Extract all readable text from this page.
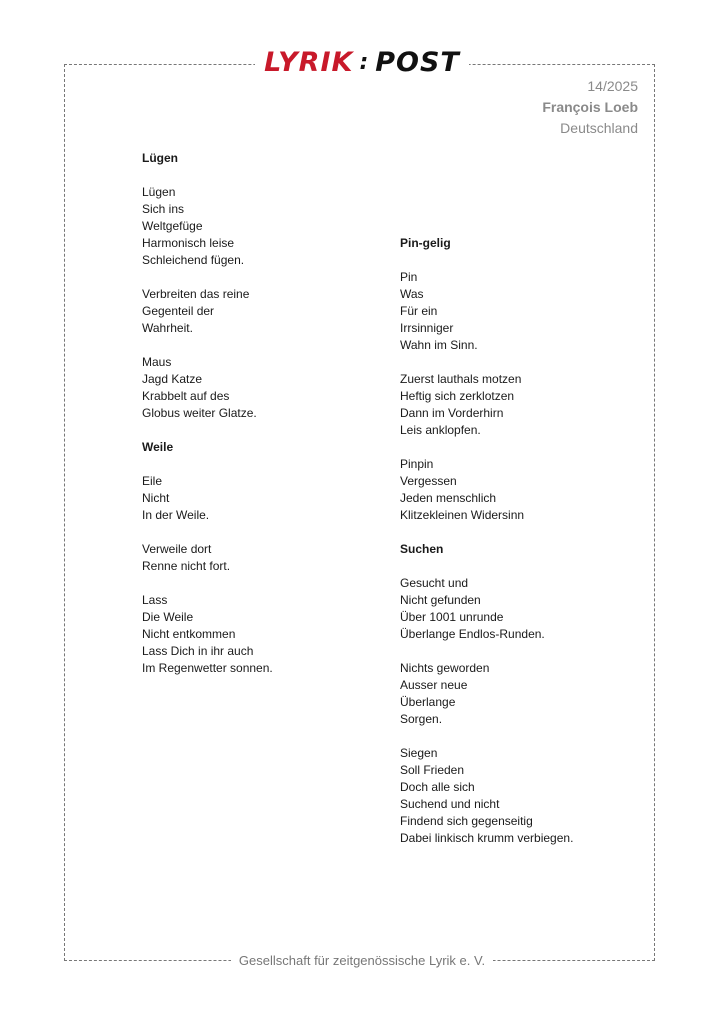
LYRIK : POST
14/2025
François Loeb
Deutschland
Lügen
Lügen
Sich ins
Weltgefüge
Harmonisch leise
Schleichend fügen.
Verbreiten das reine
Gegenteil der
Wahrheit.
Maus
Jagd Katze
Krabbelt auf des
Globus weiter Glatze.
Weile
Eile
Nicht
In der Weile.
Verweile dort
Renne nicht fort.
Lass
Die Weile
Nicht entkommen
Lass Dich in ihr auch
Im Regenwetter sonnen.
Pin-gelig
Pin
Was
Für ein
Irrsinniger
Wahn im Sinn.
Zuerst lauthals motzen
Heftig sich zerklotzen
Dann im Vorderhirn
Leis anklopfen.
Pinpin
Vergessen
Jeden menschlich
Klitzekleinen Widersinn
Suchen
Gesucht und
Nicht gefunden
Über 1001 unrunde
Überlange Endlos-Runden.
Nichts geworden
Ausser neue
Überlange
Sorgen.
Siegen
Soll Frieden
Doch alle sich
Suchend und nicht
Findend sich gegenseitig
Dabei linkisch krumm verbiegen.
Gesellschaft für zeitgenössische Lyrik e. V.
